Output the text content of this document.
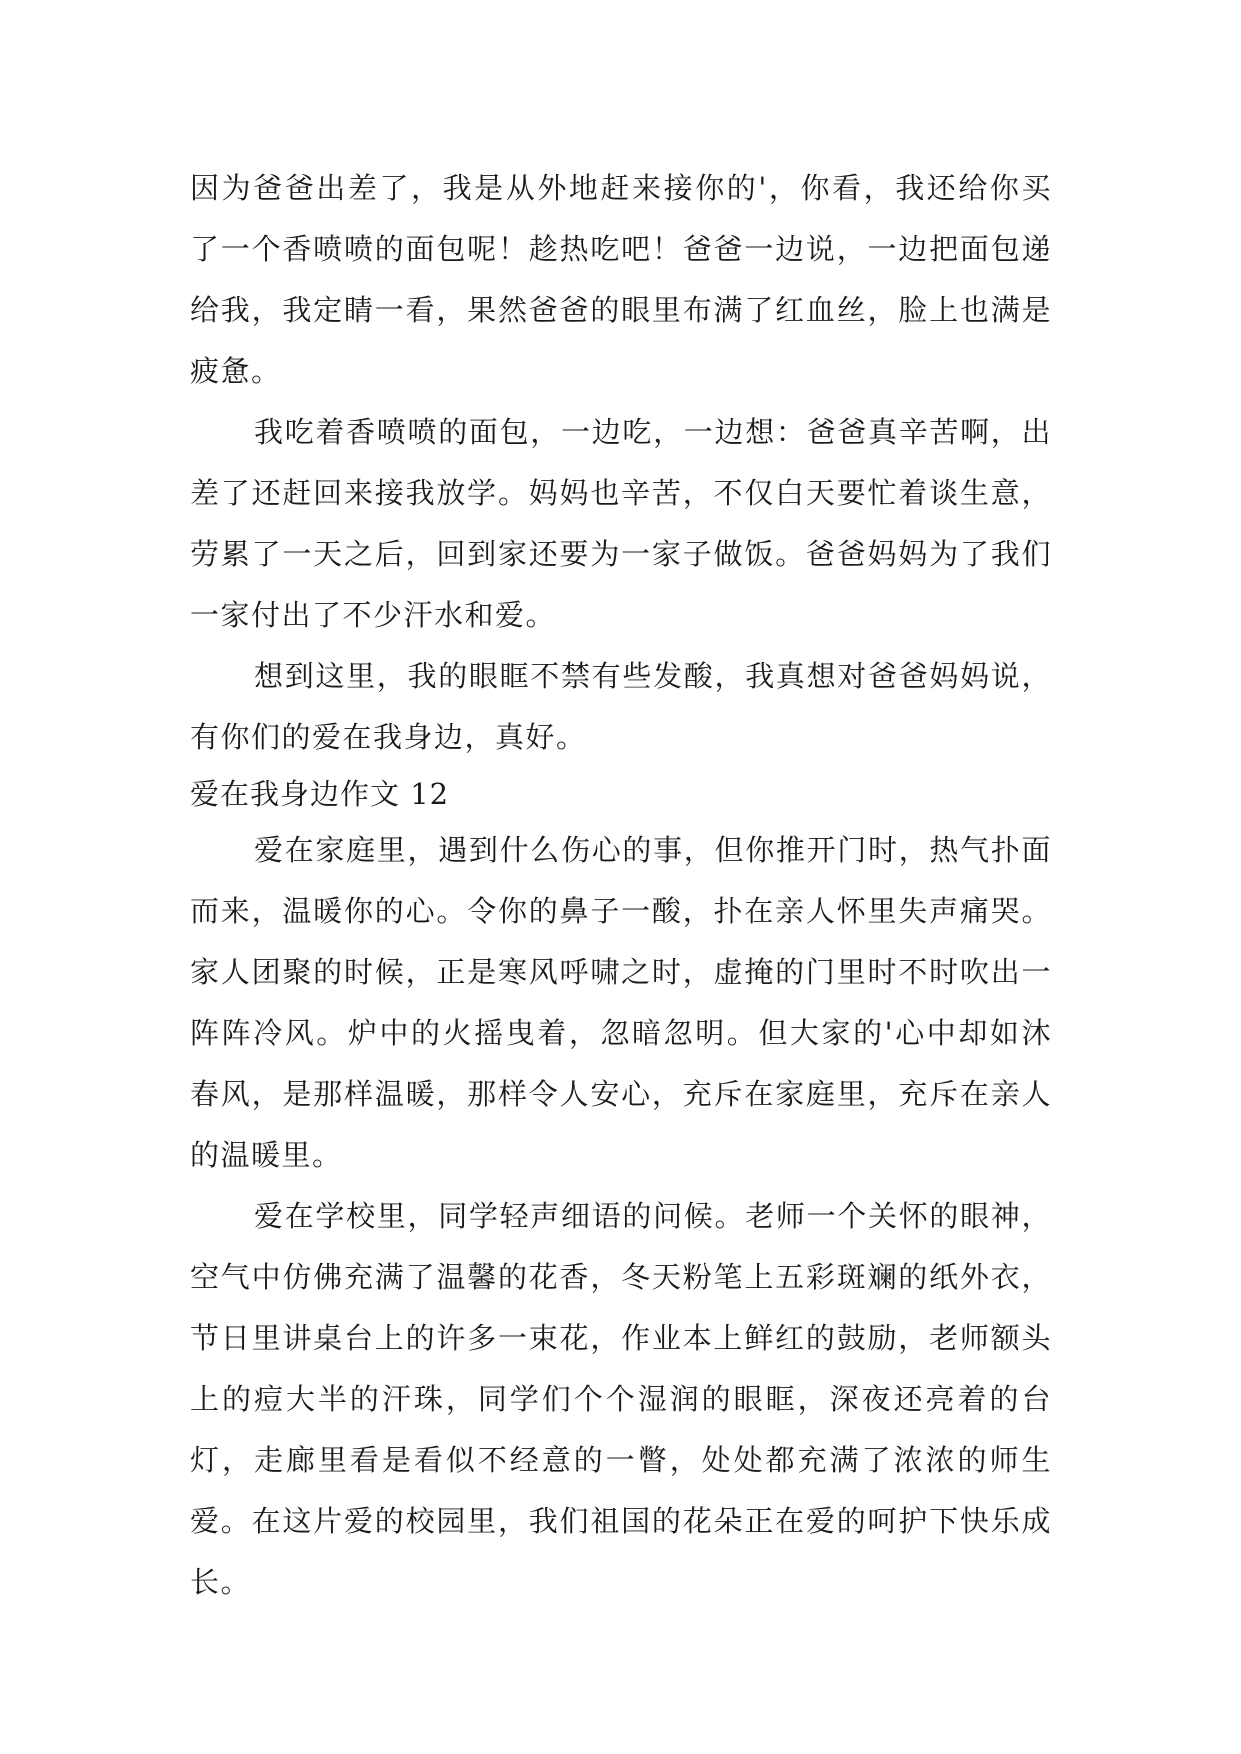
因为爸爸出差了，我是从外地赶来接你的'，你看，我还给你买了一个香喷喷的面包呢！趁热吃吧！爸爸一边说，一边把面包递给我，我定睛一看，果然爸爸的眼里布满了红血丝，脸上也满是疲惫。

我吃着香喷喷的面包，一边吃，一边想：爸爸真辛苦啊，出差了还赶回来接我放学。妈妈也辛苦，不仅白天要忙着谈生意，劳累了一天之后，回到家还要为一家子做饭。爸爸妈妈为了我们一家付出了不少汗水和爱。

想到这里，我的眼眶不禁有些发酸，我真想对爸爸妈妈说，有你们的爱在我身边，真好。

爱在我身边作文 12

爱在家庭里，遇到什么伤心的事，但你推开门时，热气扑面而来，温暖你的心。令你的鼻子一酸，扑在亲人怀里失声痛哭。家人团聚的时候，正是寒风呼啸之时，虚掩的门里时不时吹出一阵阵冷风。炉中的火摇曳着，忽暗忽明。但大家的'心中却如沐春风，是那样温暖，那样令人安心，充斥在家庭里，充斥在亲人的温暖里。

爱在学校里，同学轻声细语的问候。老师一个关怀的眼神，空气中仿佛充满了温馨的花香，冬天粉笔上五彩斑斓的纸外衣，节日里讲桌台上的许多一束花，作业本上鲜红的鼓励，老师额头上的痘大半的汗珠，同学们个个湿润的眼眶，深夜还亮着的台灯，走廊里看是看似不经意的一瞥，处处都充满了浓浓的师生爱。在这片爱的校园里，我们祖国的花朵正在爱的呵护下快乐成长。
